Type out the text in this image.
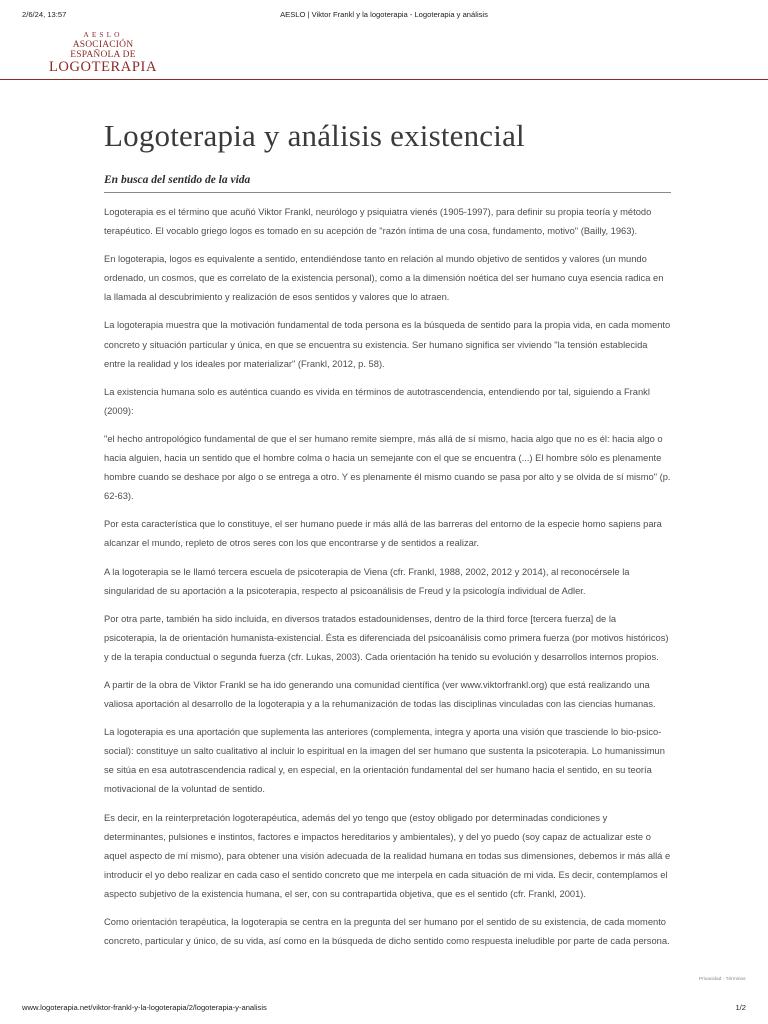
2/6/24, 13:57	AESLO | Viktor Frankl y la logoterapia - Logoterapia y análisis
AESLO
ASOCIACIÓN ESPAÑOLA DE
LOGOTERAPIA
Logoterapia y análisis existencial

En busca del sentido de la vida

Logoterapia es el término que acuñó Viktor Frankl, neurólogo y psiquiatra vienés (1905-1997), para definir su propia teoría y método terapéutico. El vocablo griego logos es tomado en su acepción de "razón íntima de una cosa, fundamento, motivo" (Bailly, 1963).

En logoterapia, logos es equivalente a sentido, entendiéndose tanto en relación al mundo objetivo de sentidos y valores (un mundo ordenado, un cosmos, que es correlato de la existencia personal), como a la dimensión noética del ser humano cuya esencia radica en la llamada al descubrimiento y realización de esos sentidos y valores que lo atraen.

La logoterapia muestra que la motivación fundamental de toda persona es la búsqueda de sentido para la propia vida, en cada momento concreto y situación particular y única, en que se encuentra su existencia. Ser humano significa ser viviendo "la tensión establecida entre la realidad y los ideales por materializar" (Frankl, 2012, p. 58).

La existencia humana solo es auténtica cuando es vivida en términos de autotrascendencia, entendiendo por tal, siguiendo a Frankl (2009):

"el hecho antropológico fundamental de que el ser humano remite siempre, más allá de sí mismo, hacia algo que no es él: hacia algo o hacia alguien, hacia un sentido que el hombre colma o hacia un semejante con el que se encuentra (...) El hombre sólo es plenamente hombre cuando se deshace por algo o se entrega a otro. Y es plenamente él mismo cuando se pasa por alto y se olvida de sí mismo" (p. 62-63).

Por esta característica que lo constituye, el ser humano puede ir más allá de las barreras del entorno de la especie homo sapiens para alcanzar el mundo, repleto de otros seres con los que encontrarse y de sentidos a realizar.

A la logoterapia se le llamó tercera escuela de psicoterapia de Viena (cfr. Frankl, 1988, 2002, 2012 y 2014), al reconocérsele la singularidad de su aportación a la psicoterapia, respecto al psicoanálisis de Freud y la psicología individual de Adler.

Por otra parte, también ha sido incluida, en diversos tratados estadounidenses, dentro de la third force [tercera fuerza] de la psicoterapia, la de orientación humanista-existencial. Ésta es diferenciada del psicoanálisis como primera fuerza (por motivos históricos) y de la terapia conductual o segunda fuerza (cfr. Lukas, 2003). Cada orientación ha tenido su evolución y desarrollos internos propios.

A partir de la obra de Viktor Frankl se ha ido generando una comunidad científica (ver www.viktorfrankl.org) que está realizando una valiosa aportación al desarrollo de la logoterapia y a la rehumanización de todas las disciplinas vinculadas con las ciencias humanas.

La logoterapia es una aportación que suplementa las anteriores (complementa, integra y aporta una visión que trasciende lo bio-psico-social): constituye un salto cualitativo al incluir lo espiritual en la imagen del ser humano que sustenta la psicoterapia. Lo humanissimun se sitúa en esa autotrascendencia radical y, en especial, en la orientación fundamental del ser humano hacia el sentido, en su teoría motivacional de la voluntad de sentido.

Es decir, en la reinterpretación logoterapéutica, además del yo tengo que (estoy obligado por determinadas condiciones y determinantes, pulsiones e instintos, factores e impactos hereditarios y ambientales), y del yo puedo (soy capaz de actualizar este o aquel aspecto de mí mismo), para obtener una visión adecuada de la realidad humana en todas sus dimensiones, debemos ir más allá e introducir el yo debo realizar en cada caso el sentido concreto que me interpela en cada situación de mi vida. Es decir, contemplamos el aspecto subjetivo de la existencia humana, el ser, con su contrapartida objetiva, que es el sentido (cfr. Frankl, 2001).

Como orientación terapéutica, la logoterapia se centra en la pregunta del ser humano por el sentido de su existencia, de cada momento concreto, particular y único, de su vida, así como en la búsqueda de dicho sentido como respuesta ineludible por parte de cada persona.

Privacidad - Términos
www.logoterapia.net/viktor-frankl-y-la-logoterapia/2/logoterapia-y-analisis	1/2
